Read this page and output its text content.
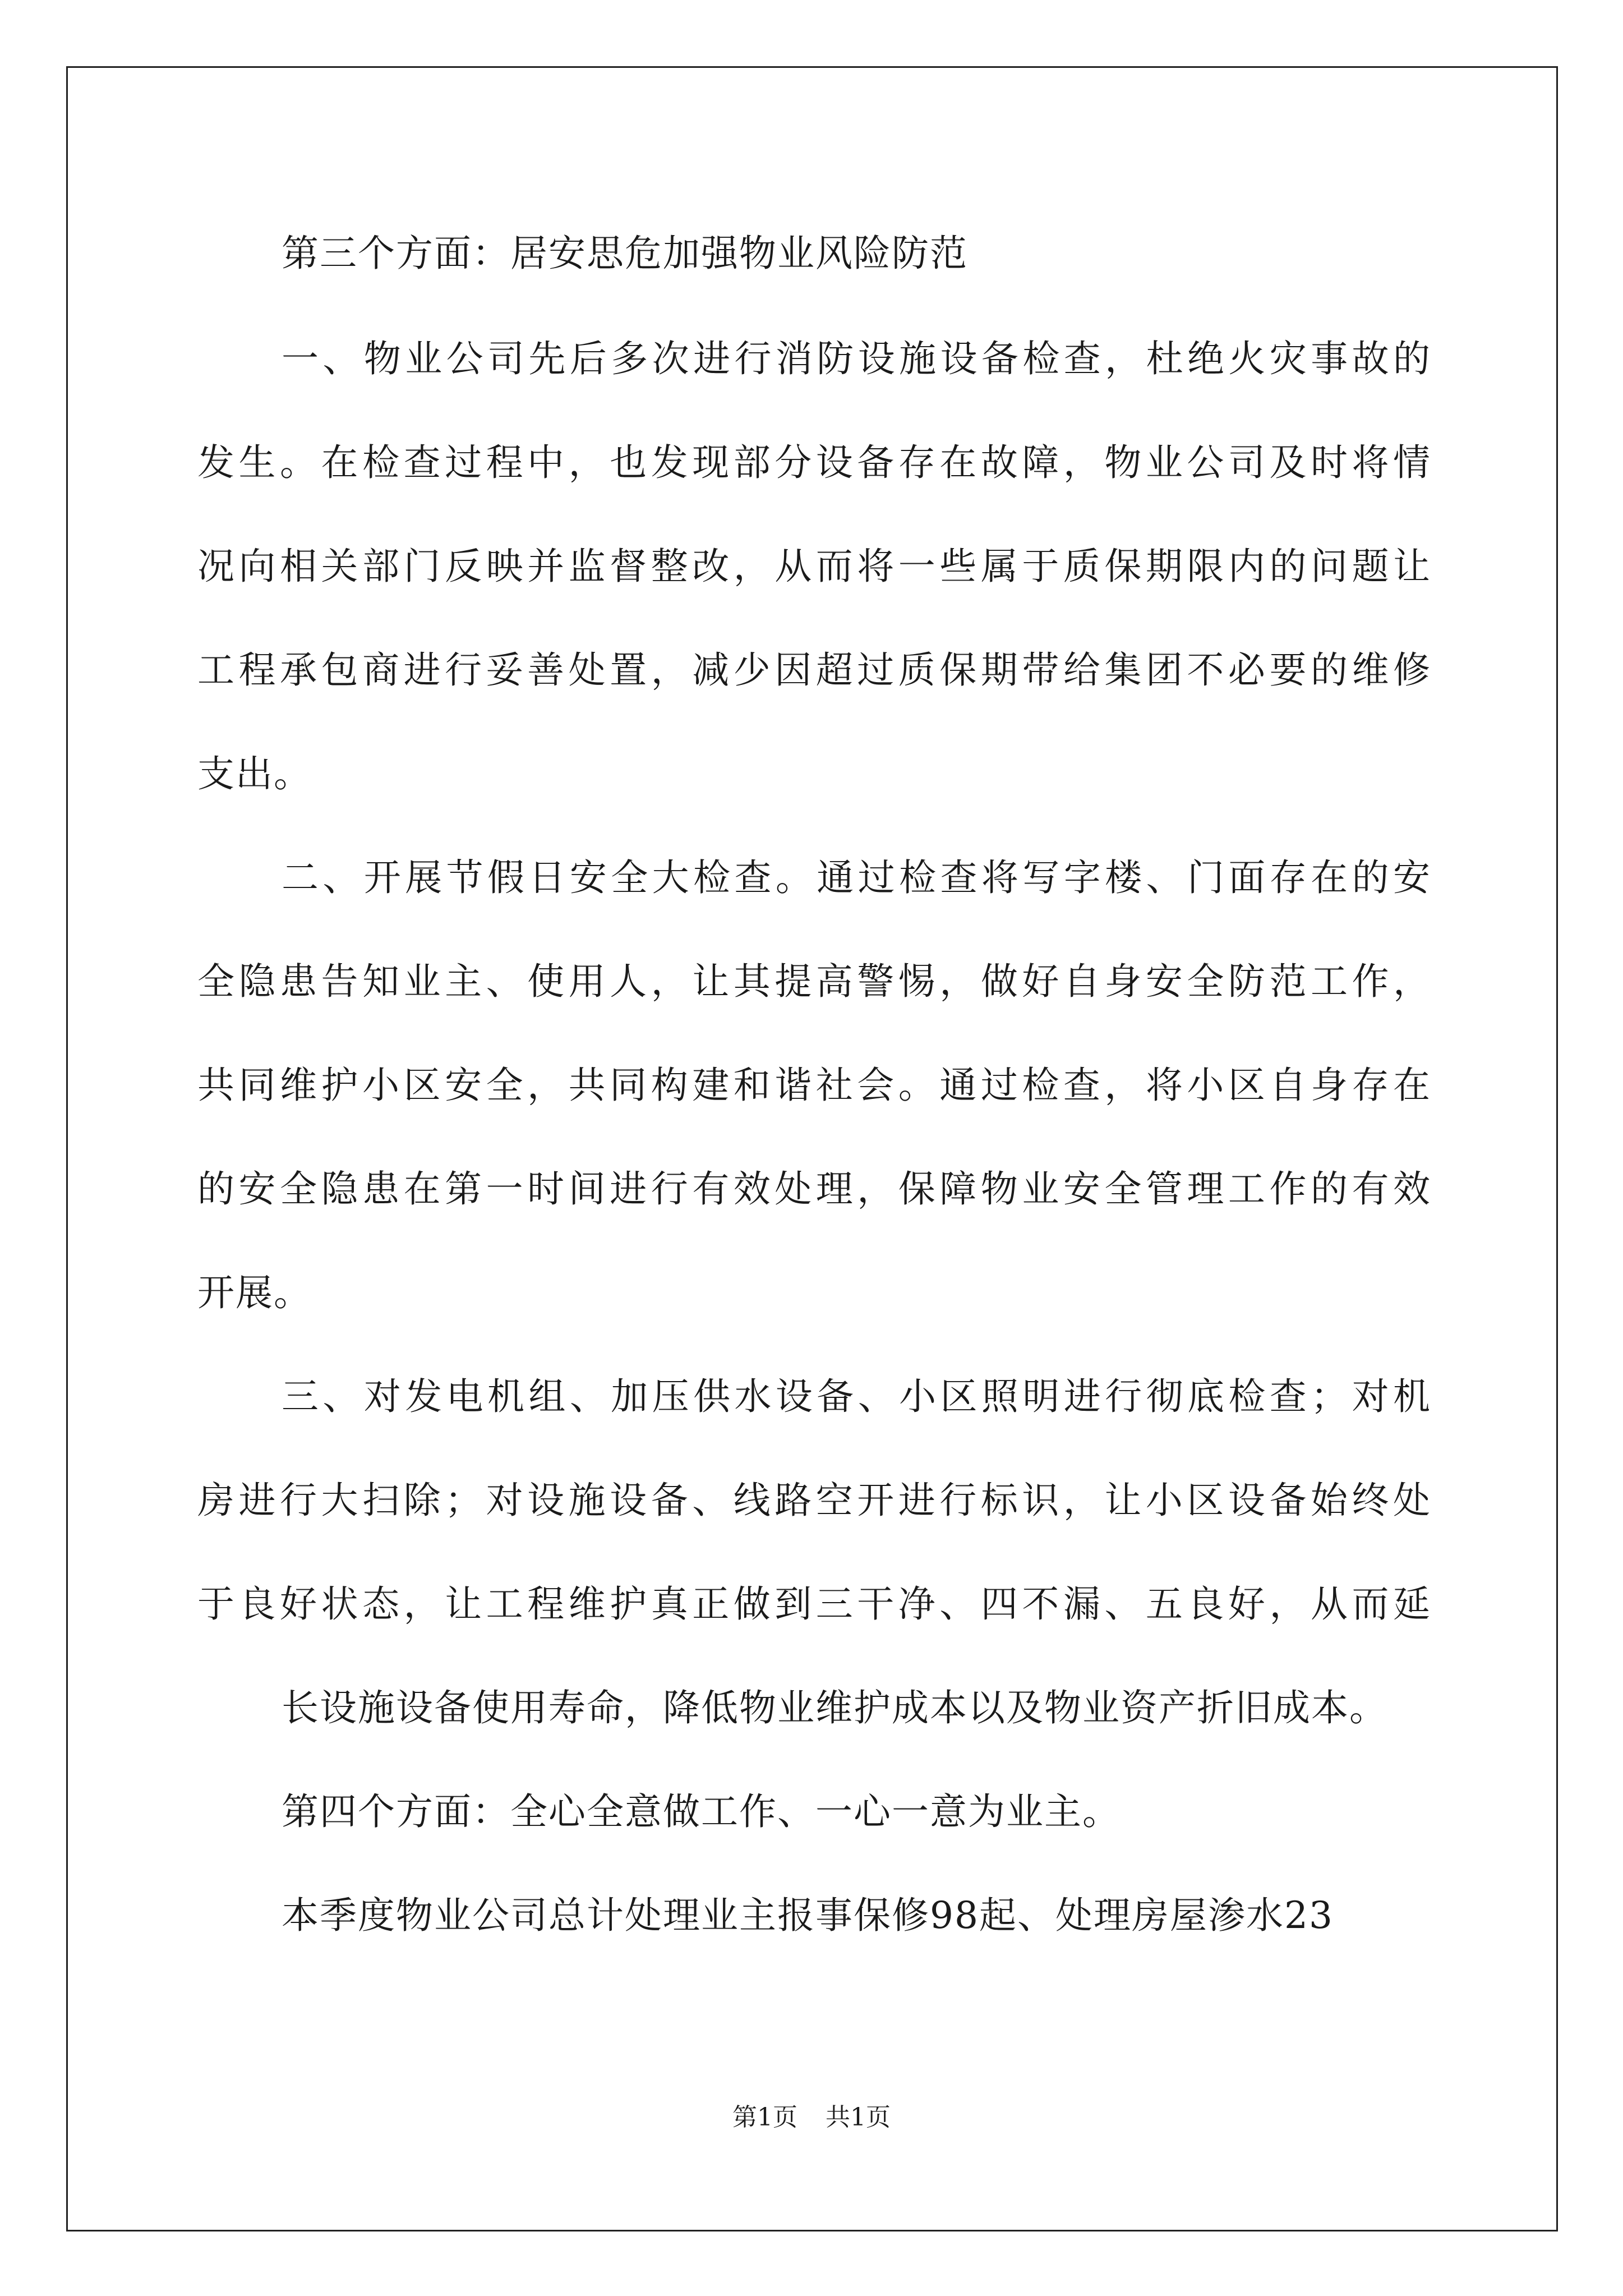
第三个方面：居安思危加强物业风险防范
一、物业公司先后多次进行消防设施设备检查，杜绝火灾事故的
发生。在检查过程中，也发现部分设备存在故障，物业公司及时将情
况向相关部门反映并监督整改，从而将一些属于质保期限内的问题让
工程承包商进行妥善处置，减少因超过质保期带给集团不必要的维修
支出。
二、开展节假日安全大检查。通过检查将写字楼、门面存在的安
全隐患告知业主、使用人，让其提高警惕，做好自身安全防范工作，
共同维护小区安全，共同构建和谐社会。通过检查，将小区自身存在
的安全隐患在第一时间进行有效处理，保障物业安全管理工作的有效
开展。
三、对发电机组、加压供水设备、小区照明进行彻底检查；对机
房进行大扫除；对设施设备、线路空开进行标识，让小区设备始终处
于良好状态，让工程维护真正做到三干净、四不漏、五良好，从而延
长设施设备使用寿命，降低物业维护成本以及物业资产折旧成本。
第四个方面：全心全意做工作、一心一意为业主。
本季度物业公司总计处理业主报事保修98起、处理房屋渗水23
第1页 共1页
